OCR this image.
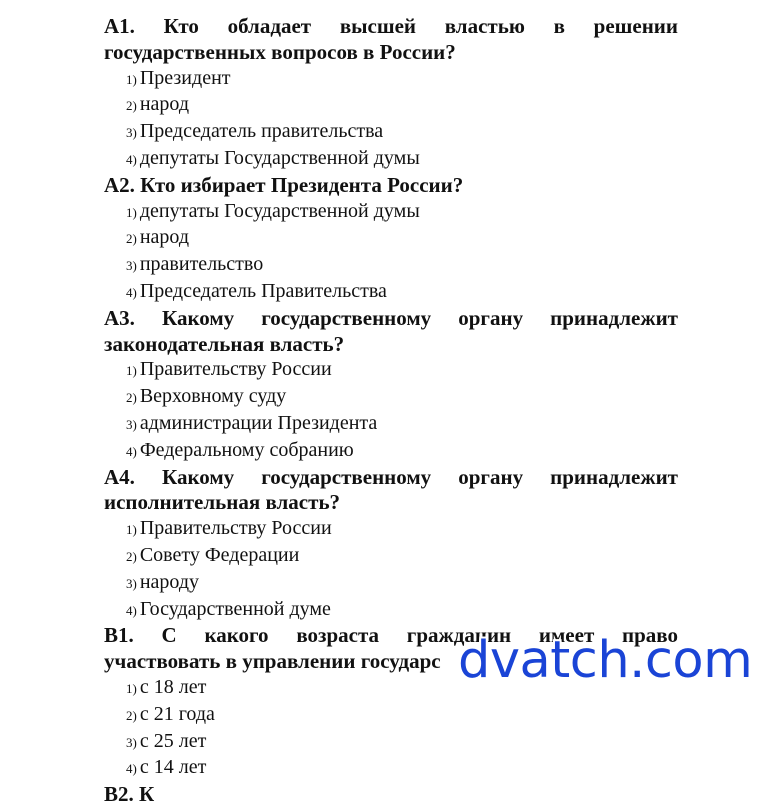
A1. Кто обладает высшей властью в решении
государственных вопросов в России?

1) Президент
2) народ
3) Председатель правительства
4) депутаты Государственной думы

A2. Кто избирает Президента России?

1) депутаты Государственной думы
2) народ
3) правительство
4) Председатель Правительства

A3. Какому государственному органу принадлежит
законодательная власть?

1) Правительству России
2) Верховному суду
3) администрации Президента
4) Федеральному собранию

A4. Какому государственному органу принадлежит
исполнительная власть?

1) Правительству России
2) Совету Федерации
3) народу
4) Государственной думе

B1. С какого возраста гражданин имеет право
участвовать в управлении государс

1) с 18 лет
2) с 21 года
3) с 25 лет
4) с 14 лет

B2. К

dvatch.com
